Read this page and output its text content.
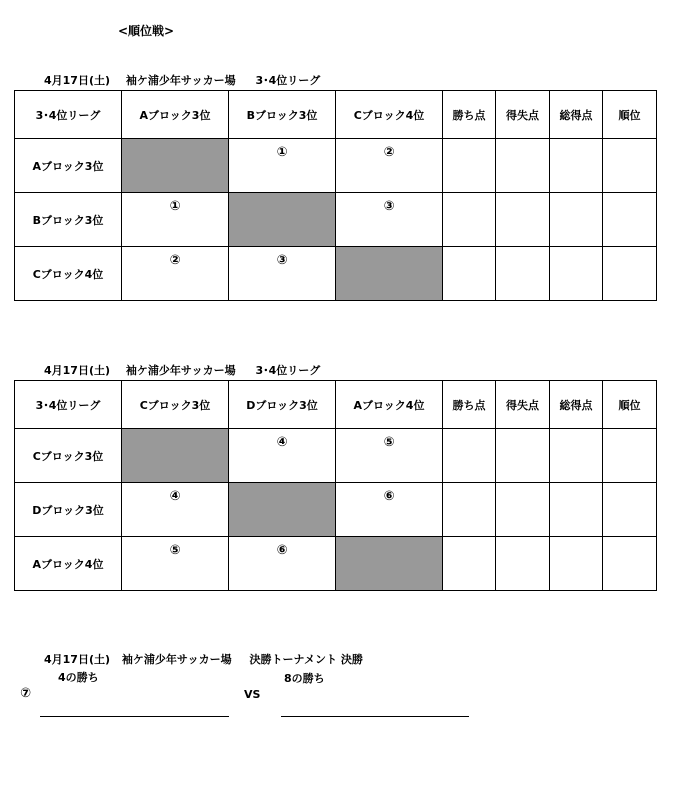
<順位戦>
4月17日(土) 袖ケ浦少年サッカー場 3･4位リーグ
3･4位リーグ	Aブロック3位	Bブロック3位	Cブロック4位	勝ち点	得失点	総得点	順位
Aブロック3位		①	②				
Bブロック3位	①		③				
Cブロック4位	②	③					
4月17日(土) 袖ケ浦少年サッカー場 3･4位リーグ
3･4位リーグ	Cブロック3位	Dブロック3位	Aブロック4位	勝ち点	得失点	総得点	順位
Cブロック3位		④	⑤				
Dブロック3位	④		⑥				
Aブロック4位	⑤	⑥					
4月17日(土) 袖ケ浦少年サッカー場 決勝トーナメント 決勝
4の勝ち
⑦	VS
8の勝ち
